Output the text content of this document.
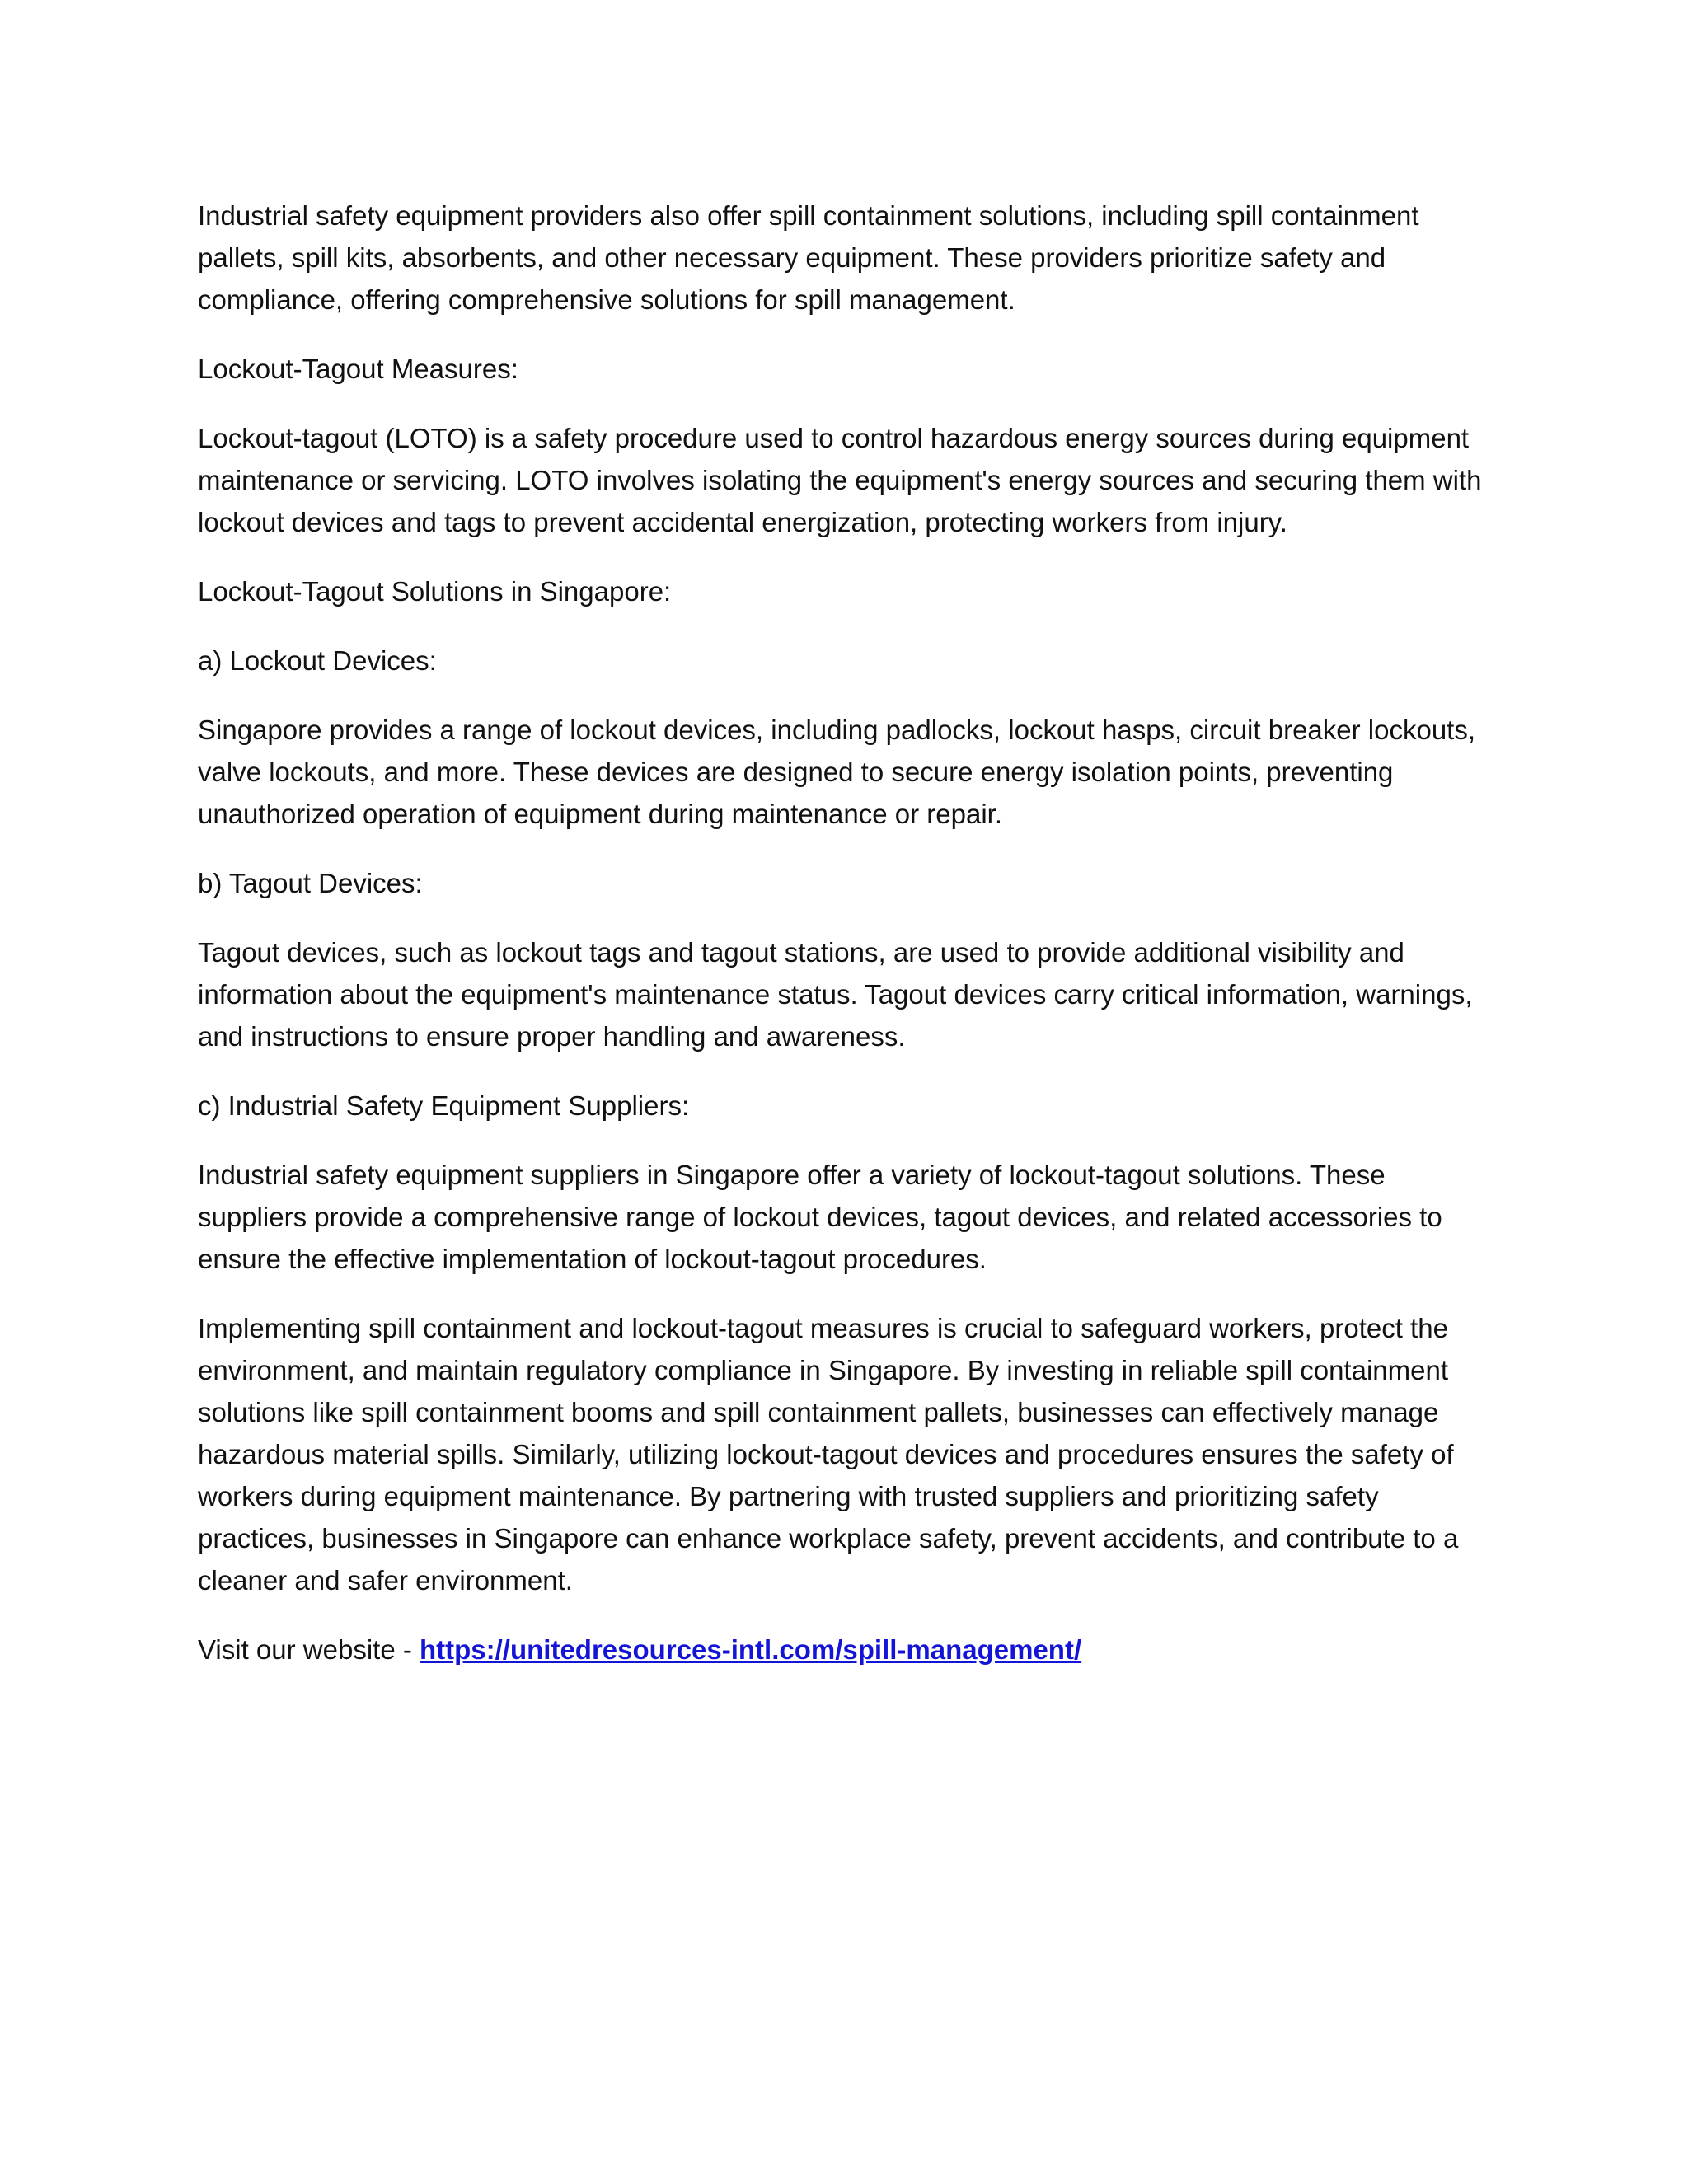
Industrial safety equipment providers also offer spill containment solutions, including spill containment pallets, spill kits, absorbents, and other necessary equipment. These providers prioritize safety and compliance, offering comprehensive solutions for spill management.

Lockout-Tagout Measures:

Lockout-tagout (LOTO) is a safety procedure used to control hazardous energy sources during equipment maintenance or servicing. LOTO involves isolating the equipment's energy sources and securing them with lockout devices and tags to prevent accidental energization, protecting workers from injury.

Lockout-Tagout Solutions in Singapore:

a) Lockout Devices:

Singapore provides a range of lockout devices, including padlocks, lockout hasps, circuit breaker lockouts, valve lockouts, and more. These devices are designed to secure energy isolation points, preventing unauthorized operation of equipment during maintenance or repair.

b) Tagout Devices:

Tagout devices, such as lockout tags and tagout stations, are used to provide additional visibility and information about the equipment's maintenance status. Tagout devices carry critical information, warnings, and instructions to ensure proper handling and awareness.

c) Industrial Safety Equipment Suppliers:

Industrial safety equipment suppliers in Singapore offer a variety of lockout-tagout solutions. These suppliers provide a comprehensive range of lockout devices, tagout devices, and related accessories to ensure the effective implementation of lockout-tagout procedures.

Implementing spill containment and lockout-tagout measures is crucial to safeguard workers, protect the environment, and maintain regulatory compliance in Singapore. By investing in reliable spill containment solutions like spill containment booms and spill containment pallets, businesses can effectively manage hazardous material spills. Similarly, utilizing lockout-tagout devices and procedures ensures the safety of workers during equipment maintenance. By partnering with trusted suppliers and prioritizing safety practices, businesses in Singapore can enhance workplace safety, prevent accidents, and contribute to a cleaner and safer environment.

Visit our website - https://unitedresources-intl.com/spill-management/
